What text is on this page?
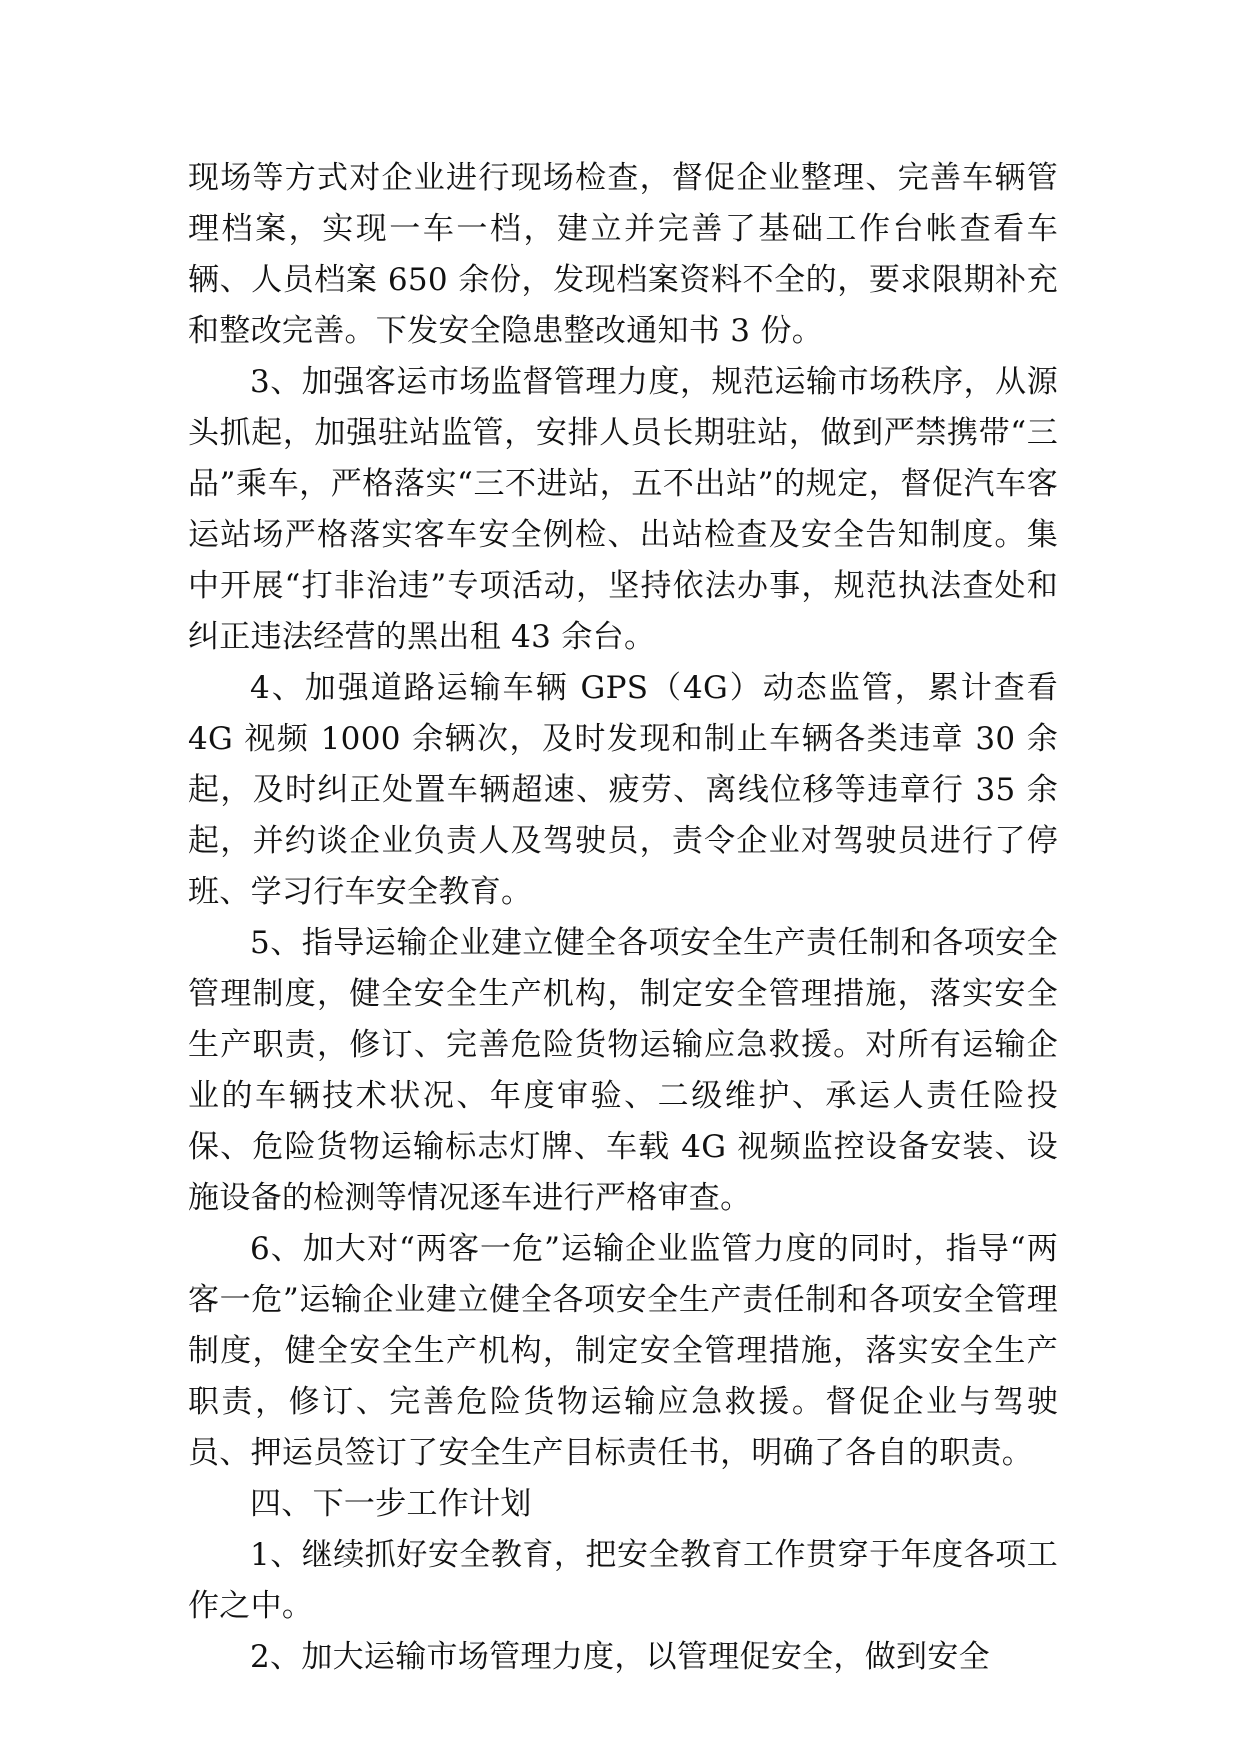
现场等方式对企业进行现场检查，督促企业整理、完善车辆管理档案，实现一车一档，建立并完善了基础工作台帐查看车辆、人员档案 650 余份，发现档案资料不全的，要求限期补充和整改完善。下发安全隐患整改通知书 3 份。

3、加强客运市场监督管理力度，规范运输市场秩序，从源头抓起，加强驻站监管，安排人员长期驻站，做到严禁携带“三品”乘车，严格落实“三不进站，五不出站”的规定，督促汽车客运站场严格落实客车安全例检、出站检查及安全告知制度。集中开展“打非治违”专项活动，坚持依法办事，规范执法查处和纠正违法经营的黑出租 43 余台。

4、加强道路运输车辆 GPS（4G）动态监管，累计查看 4G 视频 1000 余辆次，及时发现和制止车辆各类违章 30 余起，及时纠正处置车辆超速、疲劳、离线位移等违章行 35 余起，并约谈企业负责人及驾驶员，责令企业对驾驶员进行了停班、学习行车安全教育。

5、指导运输企业建立健全各项安全生产责任制和各项安全管理制度，健全安全生产机构，制定安全管理措施，落实安全生产职责，修订、完善危险货物运输应急救援。对所有运输企业的车辆技术状况、年度审验、二级维护、承运人责任险投保、危险货物运输标志灯牌、车载 4G 视频监控设备安装、设施设备的检测等情况逐车进行严格审查。

6、加大对“两客一危”运输企业监管力度的同时，指导“两客一危”运输企业建立健全各项安全生产责任制和各项安全管理制度，健全安全生产机构，制定安全管理措施，落实安全生产职责，修订、完善危险货物运输应急救援。督促企业与驾驶员、押运员签订了安全生产目标责任书，明确了各自的职责。

四、下一步工作计划

1、继续抓好安全教育，把安全教育工作贯穿于年度各项工作之中。

2、加大运输市场管理力度，以管理促安全，做到安全
